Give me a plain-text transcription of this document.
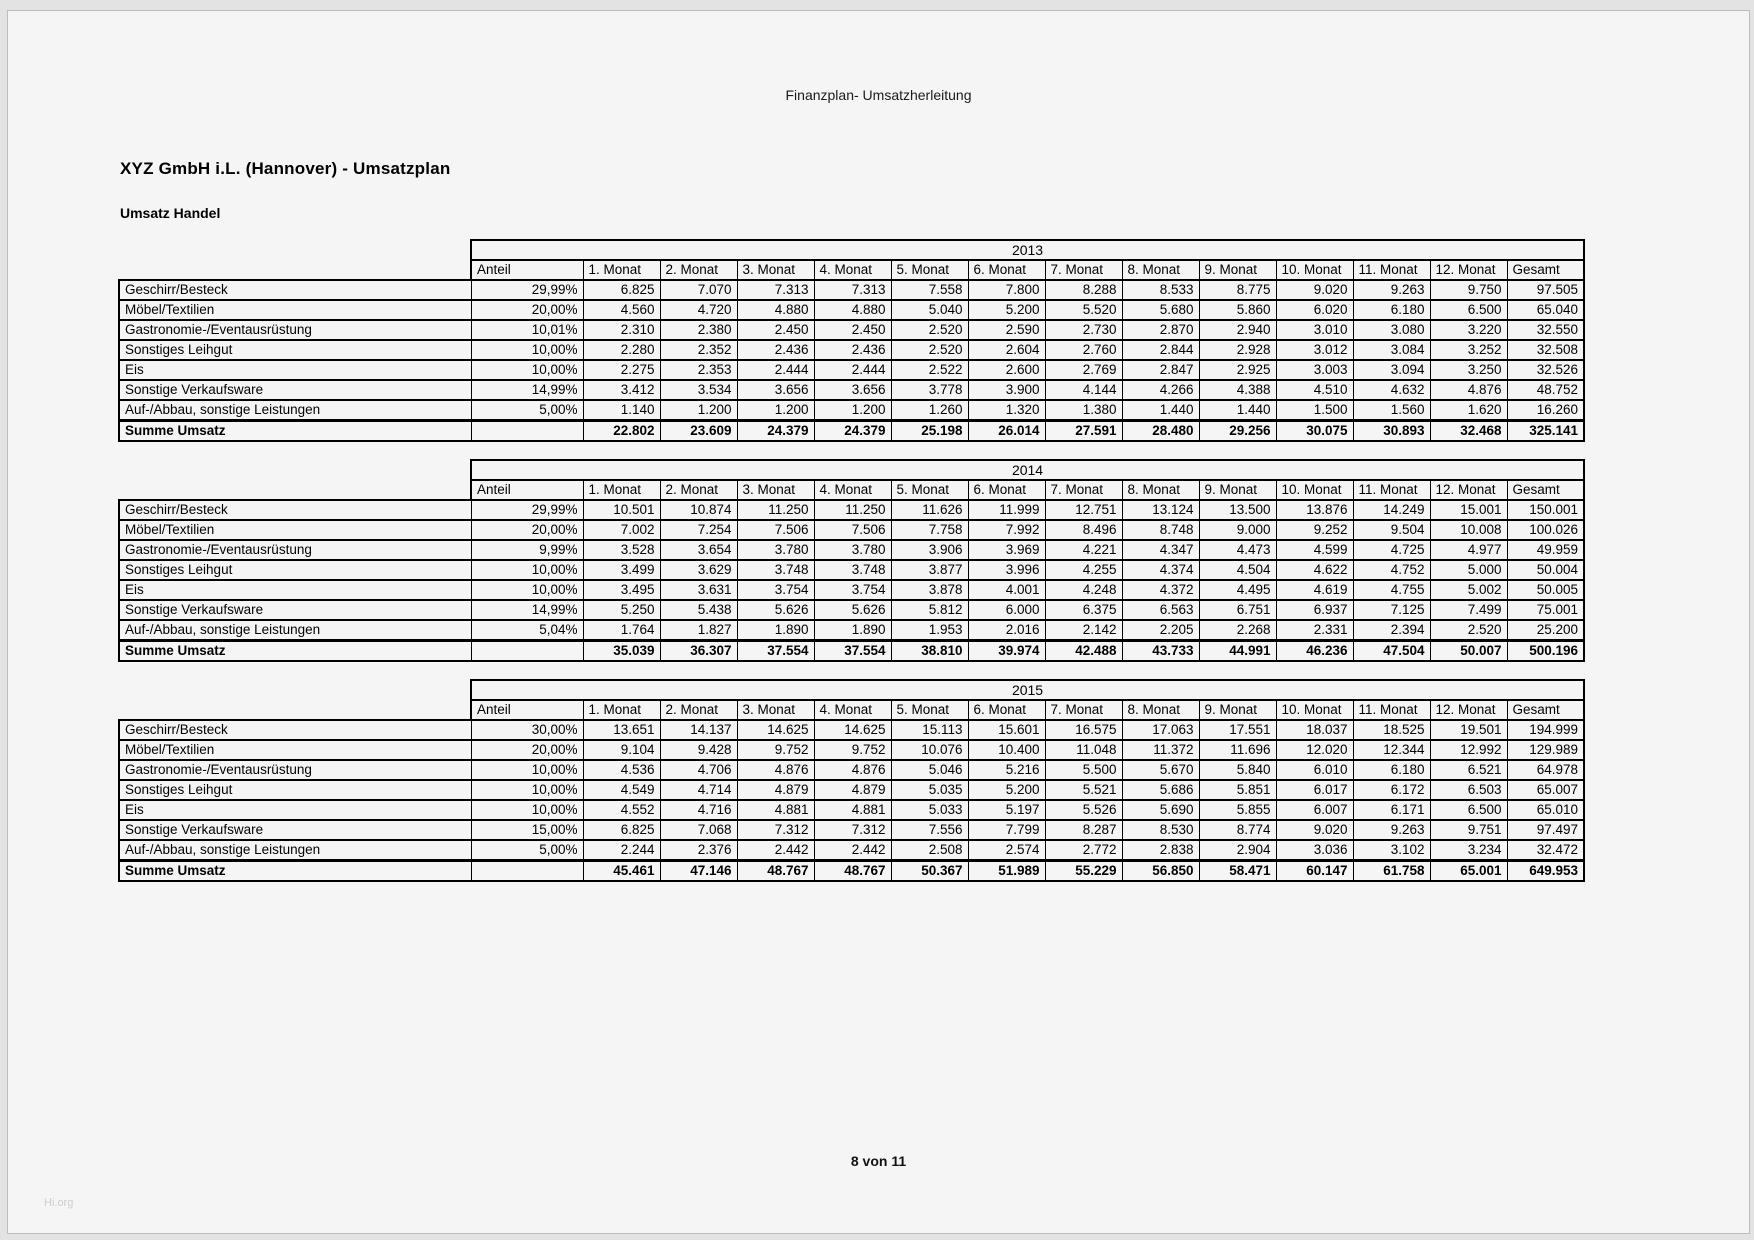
Finanzplan- Umsatzherleitung
XYZ GmbH i.L. (Hannover) - Umsatzplan
Umsatz Handel
	2013													
	Anteil	1. Monat	2. Monat	3. Monat	4. Monat	5. Monat	6. Monat	7. Monat	8. Monat	9. Monat	10. Monat	11. Monat	12. Monat	Gesamt
Geschirr/Besteck	29,99%	6.825	7.070	7.313	7.313	7.558	7.800	8.288	8.533	8.775	9.020	9.263	9.750	97.505
Möbel/Textilien	20,00%	4.560	4.720	4.880	4.880	5.040	5.200	5.520	5.680	5.860	6.020	6.180	6.500	65.040
Gastronomie-/Eventausrüstung	10,01%	2.310	2.380	2.450	2.450	2.520	2.590	2.730	2.870	2.940	3.010	3.080	3.220	32.550
Sonstiges Leihgut	10,00%	2.280	2.352	2.436	2.436	2.520	2.604	2.760	2.844	2.928	3.012	3.084	3.252	32.508
Eis	10,00%	2.275	2.353	2.444	2.444	2.522	2.600	2.769	2.847	2.925	3.003	3.094	3.250	32.526
Sonstige Verkaufsware	14,99%	3.412	3.534	3.656	3.656	3.778	3.900	4.144	4.266	4.388	4.510	4.632	4.876	48.752
Auf-/Abbau, sonstige Leistungen	5,00%	1.140	1.200	1.200	1.200	1.260	1.320	1.380	1.440	1.440	1.500	1.560	1.620	16.260
Summe Umsatz		22.802	23.609	24.379	24.379	25.198	26.014	27.591	28.480	29.256	30.075	30.893	32.468	325.141
	2014													
	Anteil	1. Monat	2. Monat	3. Monat	4. Monat	5. Monat	6. Monat	7. Monat	8. Monat	9. Monat	10. Monat	11. Monat	12. Monat	Gesamt
Geschirr/Besteck	29,99%	10.501	10.874	11.250	11.250	11.626	11.999	12.751	13.124	13.500	13.876	14.249	15.001	150.001
Möbel/Textilien	20,00%	7.002	7.254	7.506	7.506	7.758	7.992	8.496	8.748	9.000	9.252	9.504	10.008	100.026
Gastronomie-/Eventausrüstung	9,99%	3.528	3.654	3.780	3.780	3.906	3.969	4.221	4.347	4.473	4.599	4.725	4.977	49.959
Sonstiges Leihgut	10,00%	3.499	3.629	3.748	3.748	3.877	3.996	4.255	4.374	4.504	4.622	4.752	5.000	50.004
Eis	10,00%	3.495	3.631	3.754	3.754	3.878	4.001	4.248	4.372	4.495	4.619	4.755	5.002	50.005
Sonstige Verkaufsware	14,99%	5.250	5.438	5.626	5.626	5.812	6.000	6.375	6.563	6.751	6.937	7.125	7.499	75.001
Auf-/Abbau, sonstige Leistungen	5,04%	1.764	1.827	1.890	1.890	1.953	2.016	2.142	2.205	2.268	2.331	2.394	2.520	25.200
Summe Umsatz		35.039	36.307	37.554	37.554	38.810	39.974	42.488	43.733	44.991	46.236	47.504	50.007	500.196
	2015													
	Anteil	1. Monat	2. Monat	3. Monat	4. Monat	5. Monat	6. Monat	7. Monat	8. Monat	9. Monat	10. Monat	11. Monat	12. Monat	Gesamt
Geschirr/Besteck	30,00%	13.651	14.137	14.625	14.625	15.113	15.601	16.575	17.063	17.551	18.037	18.525	19.501	194.999
Möbel/Textilien	20,00%	9.104	9.428	9.752	9.752	10.076	10.400	11.048	11.372	11.696	12.020	12.344	12.992	129.989
Gastronomie-/Eventausrüstung	10,00%	4.536	4.706	4.876	4.876	5.046	5.216	5.500	5.670	5.840	6.010	6.180	6.521	64.978
Sonstiges Leihgut	10,00%	4.549	4.714	4.879	4.879	5.035	5.200	5.521	5.686	5.851	6.017	6.172	6.503	65.007
Eis	10,00%	4.552	4.716	4.881	4.881	5.033	5.197	5.526	5.690	5.855	6.007	6.171	6.500	65.010
Sonstige Verkaufsware	15,00%	6.825	7.068	7.312	7.312	7.556	7.799	8.287	8.530	8.774	9.020	9.263	9.751	97.497
Auf-/Abbau, sonstige Leistungen	5,00%	2.244	2.376	2.442	2.442	2.508	2.574	2.772	2.838	2.904	3.036	3.102	3.234	32.472
Summe Umsatz		45.461	47.146	48.767	48.767	50.367	51.989	55.229	56.850	58.471	60.147	61.758	65.001	649.953
8 von 11
Hi.org
